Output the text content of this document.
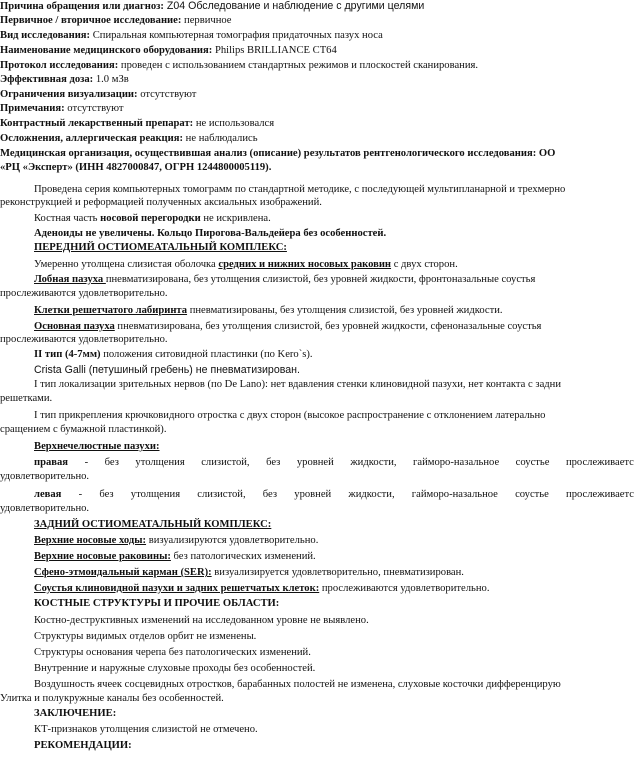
Причина обращения или диагноз: Z04 Обследование и наблюдение с другими целями
Первичное / вторичное исследование: первичное
Вид исследования: Спиральная компьютерная томография придаточных пазух носа
Наименование медицинского оборудования: Philips BRILLIANCE CT64
Протокол исследования: проведен с использованием стандартных режимов и плоскостей сканирования.
Эффективная доза: 1.0 мЗв
Ограничения визуализации: отсутствуют
Примечания: отсутствуют
Контрастный лекарственный препарат: не использовался
Осложнения, аллергическая реакция: не наблюдались
Медицинская организация, осуществившая анализ (описание) результатов рентгенологического исследования: ОО
«РЦ «Эксперт» (ИНН 4827000847, ОГРН 1244800005119).
Проведена серия компьютерных томограмм по стандартной методике, с последующей мультипланарной и трехмерно
реконструкцией и реформацией полученных аксиальных изображений.
Костная часть носовой перегородки не искривлена.
Аденоиды не увеличены. Кольцо Пирогова-Вальдейера без особенностей.
ПЕРЕДНИЙ ОСТИОМЕАТАЛЬНЫЙ КОМПЛЕКС:
Умеренно утолщена слизистая оболочка средних и нижних носовых раковин с двух сторон.
Лобная пазуха пневматизирована, без утолщения слизистой, без уровней жидкости, фронтоназальные соустья
прослеживаются удовлетворительно.
Клетки решетчатого лабиринта пневматизированы, без утолщения слизистой, без уровней жидкости.
Основная пазуха пневматизирована, без утолщения слизистой, без уровней жидкости, сфеноназальные соустья
прослеживаются удовлетворительно.
II тип (4-7мм) положения ситовидной пластинки (по Kero`s).
Crista Galli (петушиный гребень) не пневматизирован.
I тип локализации зрительных нервов (по De Lano): нет вдавления стенки клиновидной пазухи, нет контакта с задни
решетками.
I тип прикрепления крючковидного отростка с двух сторон (высокое распространение с отклонением латерально
сращением с бумажной пластинкой).
Верхнечелюстные пазухи:
правая - без утолщения слизистой, без уровней жидкости, гайморо-назальное соустье прослеживаетс
удовлетворительно.
левая - без утолщения слизистой, без уровней жидкости, гайморо-назальное соустье прослеживаетс
удовлетворительно.
ЗАДНИЙ ОСТИОМЕАТАЛЬНЫЙ КОМПЛЕКС:
Верхние носовые ходы: визуализируются удовлетворительно.
Верхние носовые раковины: без патологических изменений.
Сфено-этмоидальный карман (SER): визуализируется удовлетворительно, пневматизирован.
Соустья клиновидной пазухи и задних решетчатых клеток: прослеживаются удовлетворительно.
КОСТНЫЕ СТРУКТУРЫ И ПРОЧИЕ ОБЛАСТИ:
Костно-деструктивных изменений на исследованном уровне не выявлено.
Структуры видимых отделов орбит не изменены.
Структуры основания черепа без патологических изменений.
Внутренние и наружные слуховые проходы без особенностей.
Воздушность ячеек сосцевидных отростков, барабанных полостей не изменена, слуховые косточки дифференцирую
Улитка и полукружные каналы без особенностей.
ЗАКЛЮЧЕНИЕ:
КТ-признаков утолщения слизистой не отмечено.
РЕКОМЕНДАЦИИ:
